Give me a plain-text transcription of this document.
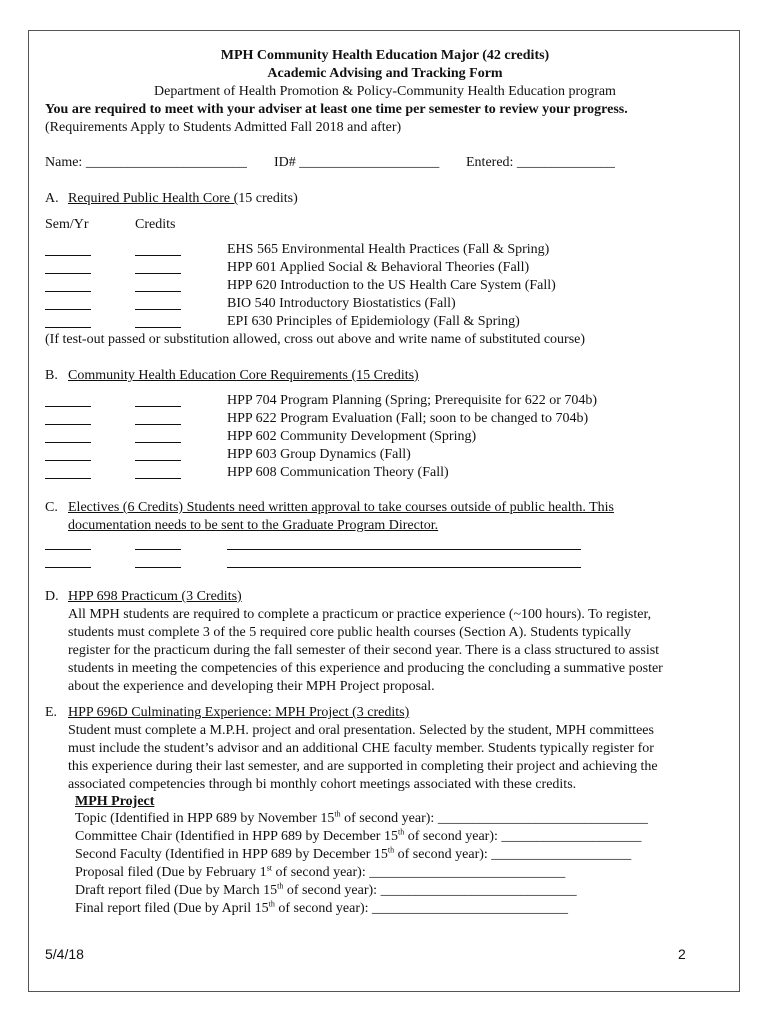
MPH Community Health Education Major (42 credits)
Academic Advising and Tracking Form
Department of Health Promotion & Policy-Community Health Education program
You are required to meet with your adviser at least one time per semester to review your progress.
(Requirements Apply to Students Admitted Fall 2018 and after)
Name: _______________________ ID# ____________________ Entered: ______________
A. Required Public Health Core (15 credits)
Sem/Yr	Credits
EHS 565 Environmental Health Practices (Fall & Spring)
HPP 601 Applied Social & Behavioral Theories (Fall)
HPP 620 Introduction to the US Health Care System (Fall)
BIO 540 Introductory Biostatistics (Fall)
EPI 630 Principles of Epidemiology (Fall & Spring)
(If test-out passed or substitution allowed, cross out above and write name of substituted course)
B. Community Health Education Core Requirements (15 Credits)
HPP 704 Program Planning (Spring; Prerequisite for 622 or 704b)
HPP 622 Program Evaluation (Fall; soon to be changed to 704b)
HPP 602 Community Development (Spring)
HPP 603 Group Dynamics (Fall)
HPP 608 Communication Theory (Fall)
C. Electives (6 Credits) Students need written approval to take courses outside of public health. This
documentation needs to be sent to the Graduate Program Director.
D. HPP 698 Practicum (3 Credits)
All MPH students are required to complete a practicum or practice experience (~100 hours). To register,
students must complete 3 of the 5 required core public health courses (Section A). Students typically
register for the practicum during the fall semester of their second year. There is a class structured to assist
students in meeting the competencies of this experience and producing the concluding a summative poster
about the experience and developing their MPH Project proposal.
E. HPP 696D Culminating Experience: MPH Project (3 credits)
Student must complete a M.P.H. project and oral presentation. Selected by the student, MPH committees
must include the student’s advisor and an additional CHE faculty member. Students typically register for
this experience during their last semester, and are supported in completing their project and achieving the
associated competencies through bi monthly cohort meetings associated with these credits.
MPH Project
Topic (Identified in HPP 689 by November 15th of second year): ______________________________
Committee Chair (Identified in HPP 689 by December 15th of second year): ____________________
Second Faculty (Identified in HPP 689 by December 15th of second year): ____________________
Proposal filed (Due by February 1st of second year): ____________________________
Draft report filed (Due by March 15th of second year): ____________________________
Final report filed (Due by April 15th of second year): ____________________________
5/4/18	2
